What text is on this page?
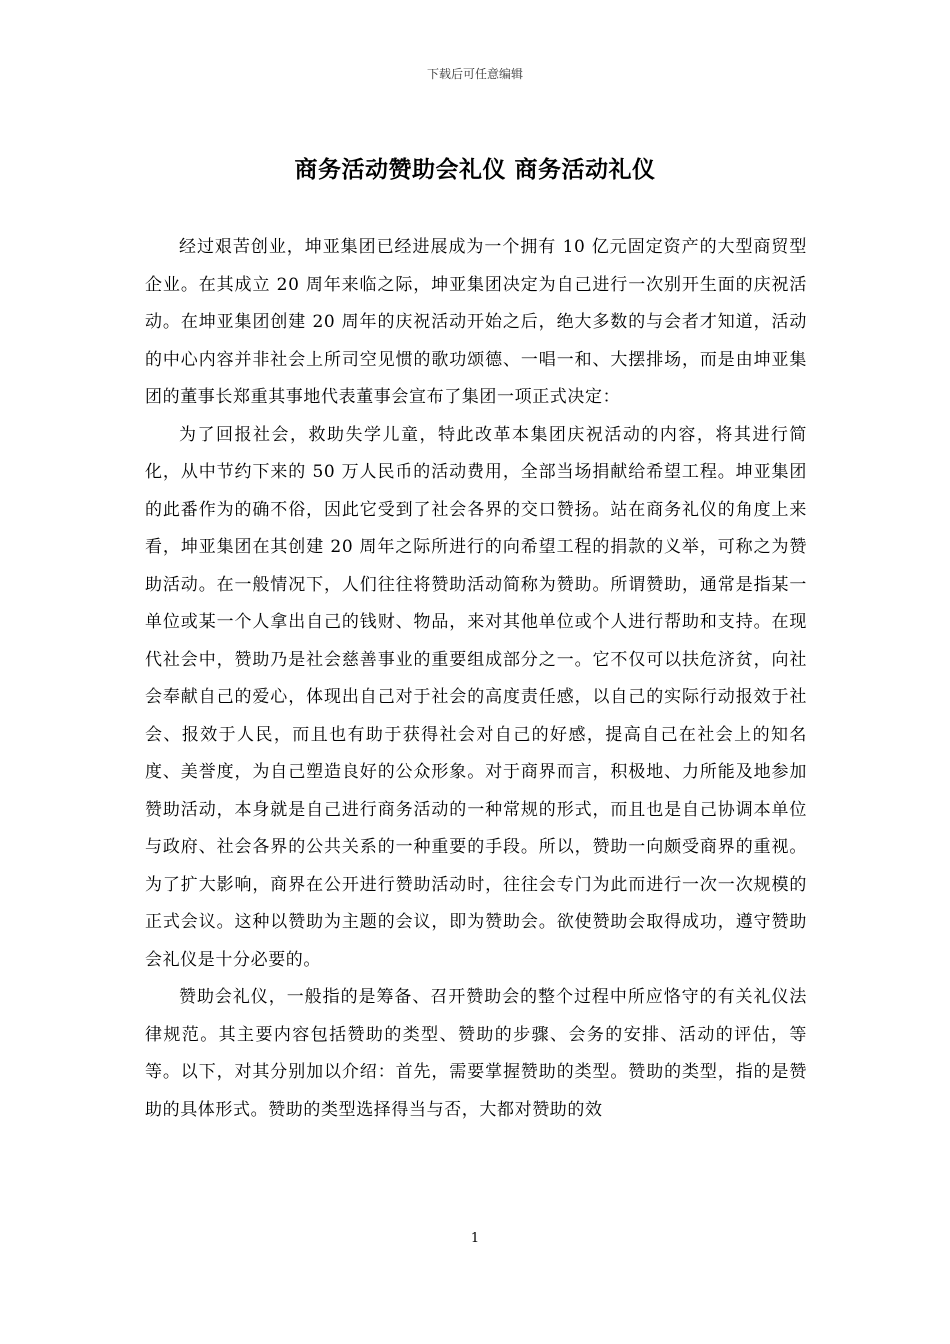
下载后可任意编辑
商务活动赞助会礼仪 商务活动礼仪

经过艰苦创业，坤亚集团已经进展成为一个拥有 10 亿元固定资产的大型商贸型企业。在其成立 20 周年来临之际，坤亚集团决定为自己进行一次别开生面的庆祝活动。在坤亚集团创建 20 周年的庆祝活动开始之后，绝大多数的与会者才知道，活动的中心内容并非社会上所司空见惯的歌功颂德、一唱一和、大摆排场，而是由坤亚集团的董事长郑重其事地代表董事会宣布了集团一项正式决定：

为了回报社会，救助失学儿童，特此改革本集团庆祝活动的内容，将其进行简化，从中节约下来的 50 万人民币的活动费用，全部当场捐献给希望工程。坤亚集团的此番作为的确不俗，因此它受到了社会各界的交口赞扬。站在商务礼仪的角度上来看，坤亚集团在其创建 20 周年之际所进行的向希望工程的捐款的义举，可称之为赞助活动。在一般情况下，人们往往将赞助活动简称为赞助。所谓赞助，通常是指某一单位或某一个人拿出自己的钱财、物品，来对其他单位或个人进行帮助和支持。在现代社会中，赞助乃是社会慈善事业的重要组成部分之一。它不仅可以扶危济贫，向社会奉献自己的爱心，体现出自己对于社会的高度责任感，以自己的实际行动报效于社会、报效于人民，而且也有助于获得社会对自己的好感，提高自己在社会上的知名度、美誉度，为自己塑造良好的公众形象。对于商界而言，积极地、力所能及地参加赞助活动，本身就是自己进行商务活动的一种常规的形式，而且也是自己协调本单位与政府、社会各界的公共关系的一种重要的手段。所以，赞助一向颇受商界的重视。为了扩大影响，商界在公开进行赞助活动时，往往会专门为此而进行一次一次规模的正式会议。这种以赞助为主题的会议，即为赞助会。欲使赞助会取得成功，遵守赞助会礼仪是十分必要的。

赞助会礼仪，一般指的是筹备、召开赞助会的整个过程中所应恪守的有关礼仪法律规范。其主要内容包括赞助的类型、赞助的步骤、会务的安排、活动的评估，等等。以下，对其分别加以介绍：首先，需要掌握赞助的类型。赞助的类型，指的是赞助的具体形式。赞助的类型选择得当与否，大都对赞助的效

1
